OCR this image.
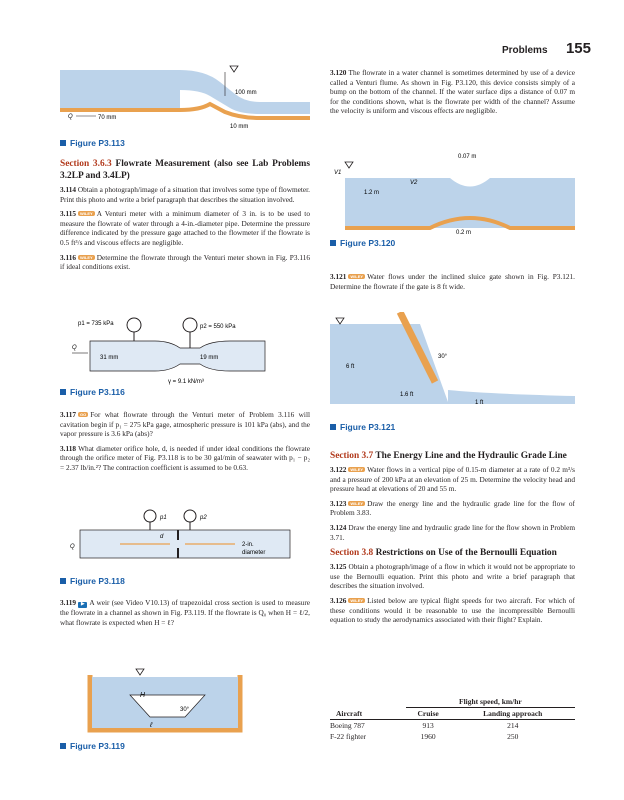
Problems 155
100 mm
Q	70 mm
10 mm
Figure P3.113
Section 3.6.3 Flowrate Measurement (also see Lab Problems 3.2LP and 3.4LP)

3.114 Obtain a photograph/image of a situation that involves some type of flowmeter. Print this photo and write a brief paragraph that describes the situation involved.

3.115 WILEY A Venturi meter with a minimum diameter of 3 in. is to be used to measure the flowrate of water through a 4-in.-diameter pipe. Determine the pressure difference indicated by the pressure gage attached to the flowmeter if the flowrate is 0.5 ft³/s and viscous effects are negligible.

3.116 WILEY Determine the flowrate through the Venturi meter shown in Fig. P3.116 if ideal conditions exist.

p1 = 735 kPa	p2 = 550 kPa
Q
31 mm	19 mm
γ = 9.1 kN/m³
Figure P3.116

3.117 GO For what flowrate through the Venturi meter of Problem 3.116 will cavitation begin if p₁ = 275 kPa gage, atmospheric pressure is 101 kPa (abs), and the vapor pressure is 3.6 kPa (abs)?

3.118 What diameter orifice hole, d, is needed if under ideal conditions the flowrate through the orifice meter of Fig. P3.118 is to be 30 gal/min of seawater with p₁ − p₂ = 2.37 lb/in.²? The contraction coefficient is assumed to be 0.63.

p1	p2
d
Q	2-in.
diameter
Figure P3.118

3.119 ▶ A weir (see Video V10.13) of trapezoidal cross section is used to measure the flowrate in a channel as shown in Fig. P3.119. If the flowrate is Q₀ when H = ℓ/2, what flowrate is expected when H = ℓ?

H
30°
ℓ
Figure P3.119

3.120 The flowrate in a water channel is sometimes determined by use of a device called a Venturi flume. As shown in Fig. P3.120, this device consists simply of a bump on the bottom of the channel. If the water surface dips a distance of 0.07 m for the conditions shown, what is the flowrate per width of the channel? Assume the velocity is uniform and viscous effects are negligible.

0.07 m
V1
V2
1.2 m
0.2 m
Figure P3.120

3.121 WILEY Water flows under the inclined sluice gate shown in Fig. P3.121. Determine the flowrate if the gate is 8 ft wide.

6 ft
30°
1.6 ft
1 ft
Figure P3.121
Section 3.7 The Energy Line and the Hydraulic Grade Line

3.122 WILEY Water flows in a vertical pipe of 0.15-m diameter at a rate of 0.2 m³/s and a pressure of 200 kPa at an elevation of 25 m. Determine the velocity head and pressure head at elevations of 20 and 55 m.

3.123 WILEY Draw the energy line and the hydraulic grade line for the flow of Problem 3.83.

3.124 Draw the energy line and hydraulic grade line for the flow shown in Problem 3.71.

Section 3.8 Restrictions on Use of the Bernoulli Equation

3.125 Obtain a photograph/image of a flow in which it would not be appropriate to use the Bernoulli equation. Print this photo and write a brief paragraph that describes the situation involved.

3.126 WILEY Listed below are typical flight speeds for two aircraft. For which of these conditions would it be reasonable to use the incompressible Bernoulli equation to study the aerodynamics associated with their flight? Explain.

	Flight speed, km/hr	
Aircraft	Cruise	Landing approach
Boeing 787	913	214
F-22 fighter	1960	250
